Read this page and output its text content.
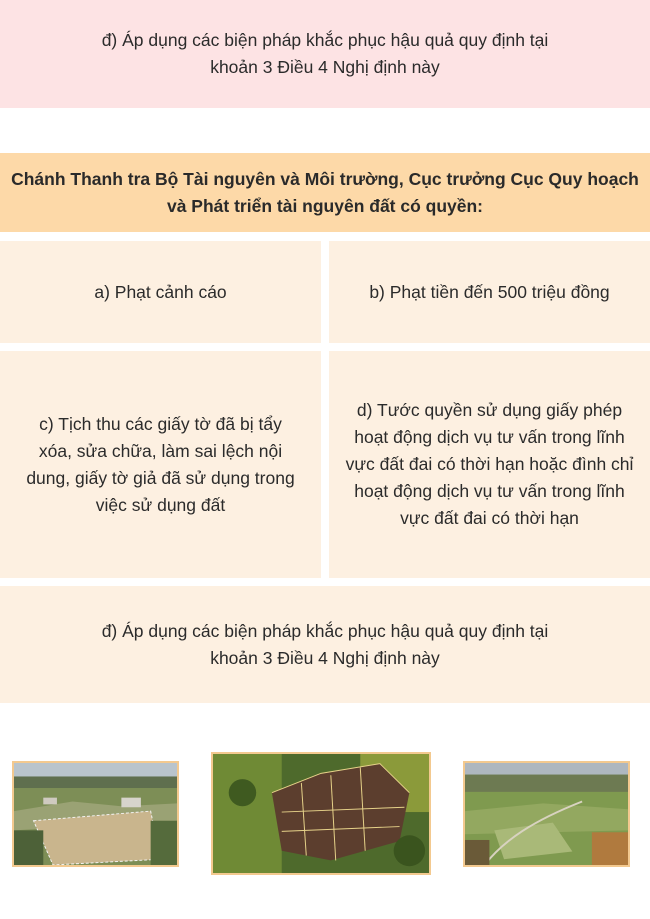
đ) Áp dụng các biện pháp khắc phục hậu quả quy định tại khoản 3 Điều 4 Nghị định này

Chánh Thanh tra Bộ Tài nguyên và Môi trường, Cục trưởng Cục Quy hoạch và Phát triển tài nguyên đất có quyền:

a) Phạt cảnh cáo	b) Phạt tiền đến 500 triệu đồng

c) Tịch thu các giấy tờ đã bị tẩy xóa, sửa chữa, làm sai lệch nội dung, giấy tờ giả đã sử dụng trong việc sử dụng đất

d) Tước quyền sử dụng giấy phép hoạt động dịch vụ tư vấn trong lĩnh vực đất đai có thời hạn hoặc đình chỉ hoạt động dịch vụ tư vấn trong lĩnh vực đất đai có thời hạn

đ) Áp dụng các biện pháp khắc phục hậu quả quy định tại khoản 3 Điều 4 Nghị định này
